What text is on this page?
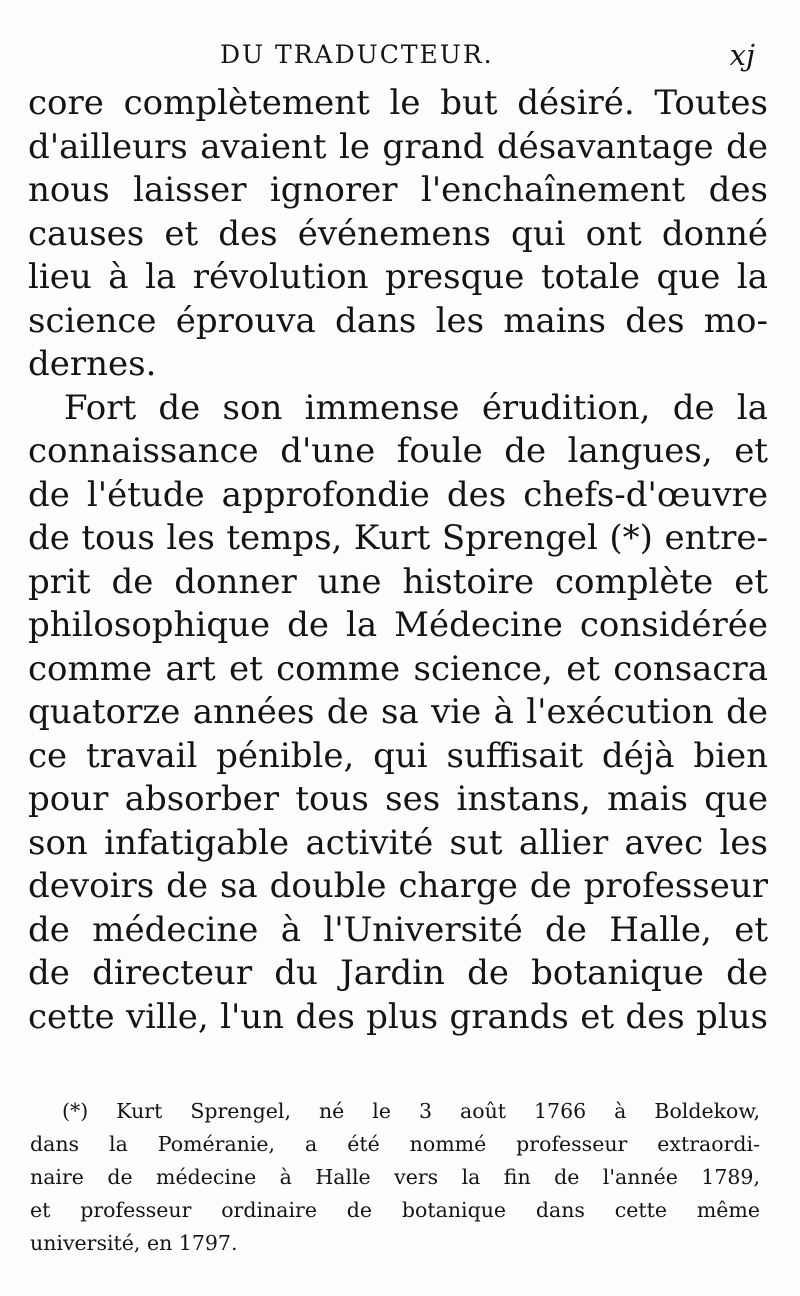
DU TRADUCTEUR.	xj
core complètement le but désiré. Toutes
d'ailleurs avaient le grand désavantage de
nous laisser ignorer l'enchaînement des
causes et des événemens qui ont donné
lieu à la révolution presque totale que la
science éprouva dans les mains des mo-
dernes.
Fort de son immense érudition, de la
connaissance d'une foule de langues, et
de l'étude approfondie des chefs-d'œuvre
de tous les temps, Kurt Sprengel (*) entre-
prit de donner une histoire complète et
philosophique de la Médecine considérée
comme art et comme science, et consacra
quatorze années de sa vie à l'exécution de
ce travail pénible, qui suffisait déjà bien
pour absorber tous ses instans, mais que
son infatigable activité sut allier avec les
devoirs de sa double charge de professeur
de médecine à l'Université de Halle, et
de directeur du Jardin de botanique de
cette ville, l'un des plus grands et des plus
(*) Kurt Sprengel, né le 3 août 1766 à Boldekow,
dans la Poméranie, a été nommé professeur extraordi-
naire de médecine à Halle vers la fin de l'année 1789,
et professeur ordinaire de botanique dans cette même
université, en 1797.
